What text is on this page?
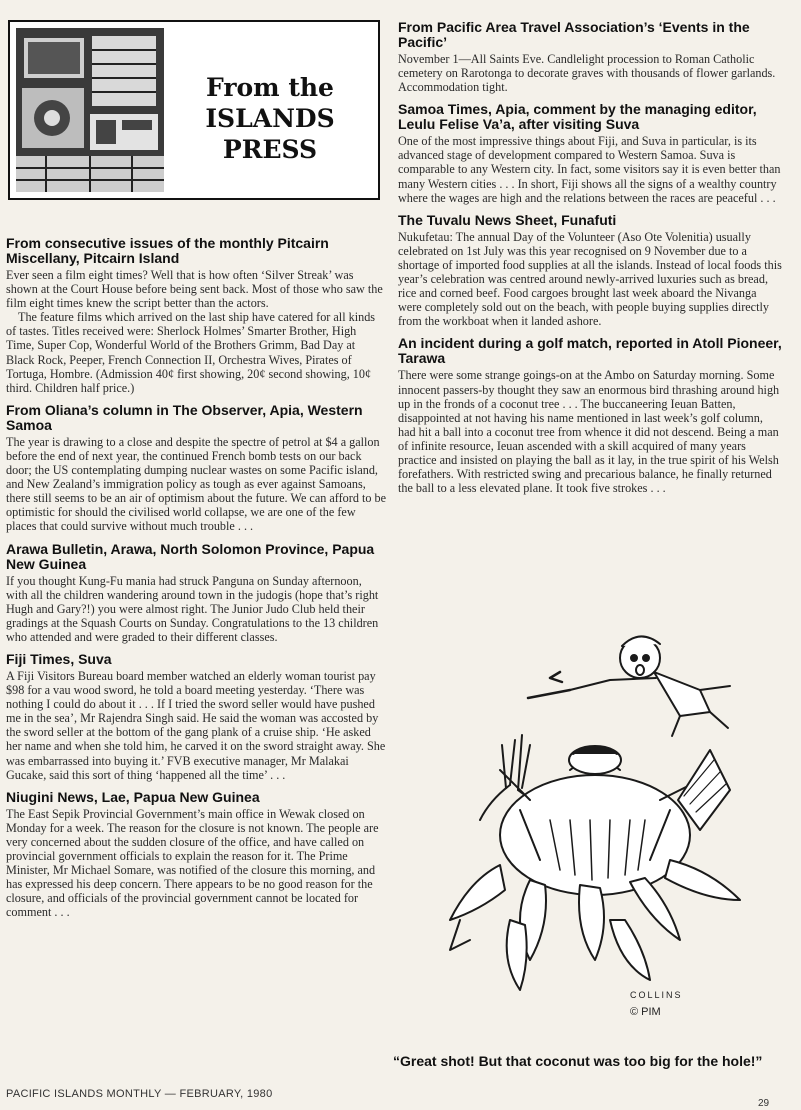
From the
ISLANDS
PRESS
From consecutive issues of the monthly Pitcairn Miscellany, Pitcairn Island

Ever seen a film eight times? Well that is how often ‘Silver Streak’ was shown at the Court House before being sent back. Most of those who saw the film eight times knew the script better than the actors.

The feature films which arrived on the last ship have catered for all kinds of tastes. Titles received were: Sherlock Holmes’ Smarter Brother, High Time, Super Cop, Wonderful World of the Brothers Grimm, Bad Day at Black Rock, Peeper, French Connection II, Orchestra Wives, Pirates of Tortuga, Hombre. (Admission 40¢ first showing, 20¢ second showing, 10¢ third. Children half price.)

From Oliana’s column in The Observer, Apia, Western Samoa

The year is drawing to a close and despite the spectre of petrol at $4 a gallon before the end of next year, the continued French bomb tests on our back door; the US contemplating dumping nuclear wastes on some Pacific island, and New Zealand’s immigration policy as tough as ever against Samoans, there still seems to be an air of optimism about the future. We can afford to be optimistic for should the civilised world collapse, we are one of the few places that could survive without much trouble . . .

Arawa Bulletin, Arawa, North Solomon Province, Papua New Guinea

If you thought Kung-Fu mania had struck Panguna on Sunday afternoon, with all the children wandering around town in the judogis (hope that’s right Hugh and Gary?!) you were almost right. The Junior Judo Club held their gradings at the Squash Courts on Sunday. Congratulations to the 13 children who attended and were graded to their different classes.

Fiji Times, Suva

A Fiji Visitors Bureau board member watched an elderly woman tourist pay $98 for a vau wood sword, he told a board meeting yesterday. ‘There was nothing I could do about it . . . If I tried the sword seller would have pushed me in the sea’, Mr Rajendra Singh said. He said the woman was accosted by the sword seller at the bottom of the gang plank of a cruise ship. ‘He asked her name and when she told him, he carved it on the sword straight away. She was embarrassed into buying it.’ FVB executive manager, Mr Malakai Gucake, said this sort of thing ‘happened all the time’ . . .

Niugini News, Lae, Papua New Guinea

The East Sepik Provincial Government’s main office in Wewak closed on Monday for a week. The reason for the closure is not known. The people are very concerned about the sudden closure of the office, and have called on provincial government officials to explain the reason for it. The Prime Minister, Mr Michael Somare, was notified of the closure this morning, and has expressed his deep concern. There appears to be no good reason for the closure, and officials of the provincial government cannot be located for comment . . .

From Pacific Area Travel Association’s ‘Events in the Pacific’

November 1—All Saints Eve. Candlelight procession to Roman Catholic cemetery on Rarotonga to decorate graves with thousands of flower garlands. Accommodation tight.

Samoa Times, Apia, comment by the managing editor, Leulu Felise Va’a, after visiting Suva

One of the most impressive things about Fiji, and Suva in particular, is its advanced stage of development compared to Western Samoa. Suva is comparable to any Western city. In fact, some visitors say it is even better than many Western cities . . . In short, Fiji shows all the signs of a wealthy country where the wages are high and the relations between the races are peaceful . . .

The Tuvalu News Sheet, Funafuti

Nukufetau: The annual Day of the Volunteer (Aso Ote Volenitia) usually celebrated on 1st July was this year recognised on 9 November due to a shortage of imported food supplies at all the islands. Instead of local foods this year’s celebration was centred around newly-arrived luxuries such as bread, rice and corned beef. Food cargoes brought last week aboard the Nivanga were completely sold out on the beach, with people buying supplies directly from the workboat when it landed ashore.

An incident during a golf match, reported in Atoll Pioneer, Tarawa

There were some strange goings-on at the Ambo on Saturday morning. Some innocent passers-by thought they saw an enormous bird thrashing around high up in the fronds of a coconut tree . . . The buccaneering Ieuan Batten, disappointed at not having his name mentioned in last week’s golf column, had hit a ball into a coconut tree from whence it did not descend. Being a man of infinite resource, Ieuan ascended with a skill acquired of many years practice and insisted on playing the ball as it lay, in the true spirit of his Welsh forefathers. With restricted swing and precarious balance, he finally returned the ball to a less elevated plane. It took five strokes . . .

COLLINS
© PIM
“Great shot! But that coconut was too big for the hole!”
PACIFIC ISLANDS MONTHLY — FEBRUARY, 1980
29
